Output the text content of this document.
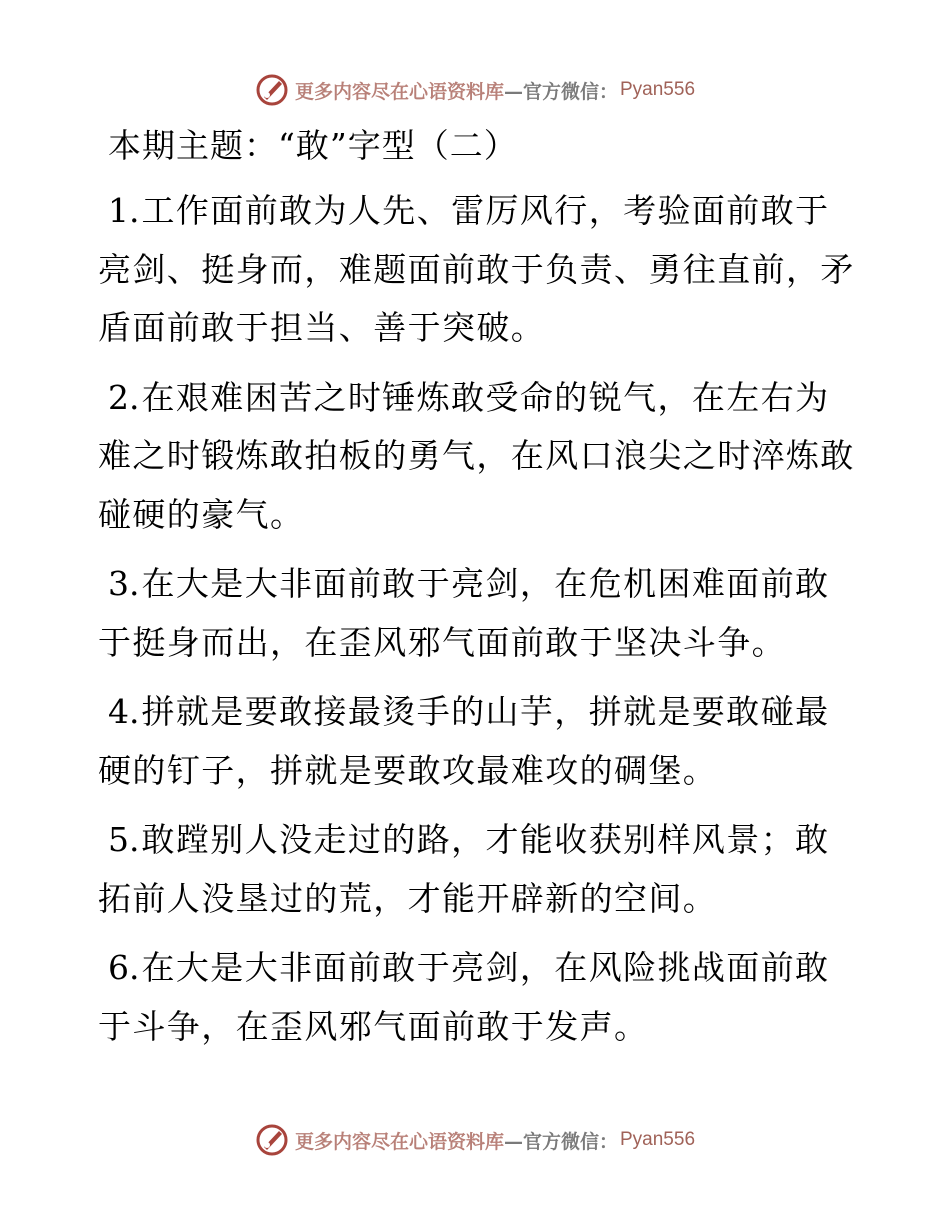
更多内容尽在心语资料库 —官方微信： Pyan556
本期主题：“敢”字型（二）
1.工作面前敢为人先、雷厉风行，考验面前敢于亮剑、挺身而，难题面前敢于负责、勇往直前，矛盾面前敢于担当、善于突破。
2.在艰难困苦之时锤炼敢受命的锐气，在左右为难之时锻炼敢拍板的勇气，在风口浪尖之时淬炼敢碰硬的豪气。
3.在大是大非面前敢于亮剑，在危机困难面前敢于挺身而出，在歪风邪气面前敢于坚决斗争。
4.拼就是要敢接最烫手的山芋，拼就是要敢碰最硬的钉子，拼就是要敢攻最难攻的碉堡。
5.敢蹚别人没走过的路，才能收获别样风景；敢拓前人没垦过的荒，才能开辟新的空间。
6.在大是大非面前敢于亮剑，在风险挑战面前敢于斗争，在歪风邪气面前敢于发声。
更多内容尽在心语资料库 —官方微信： Pyan556
